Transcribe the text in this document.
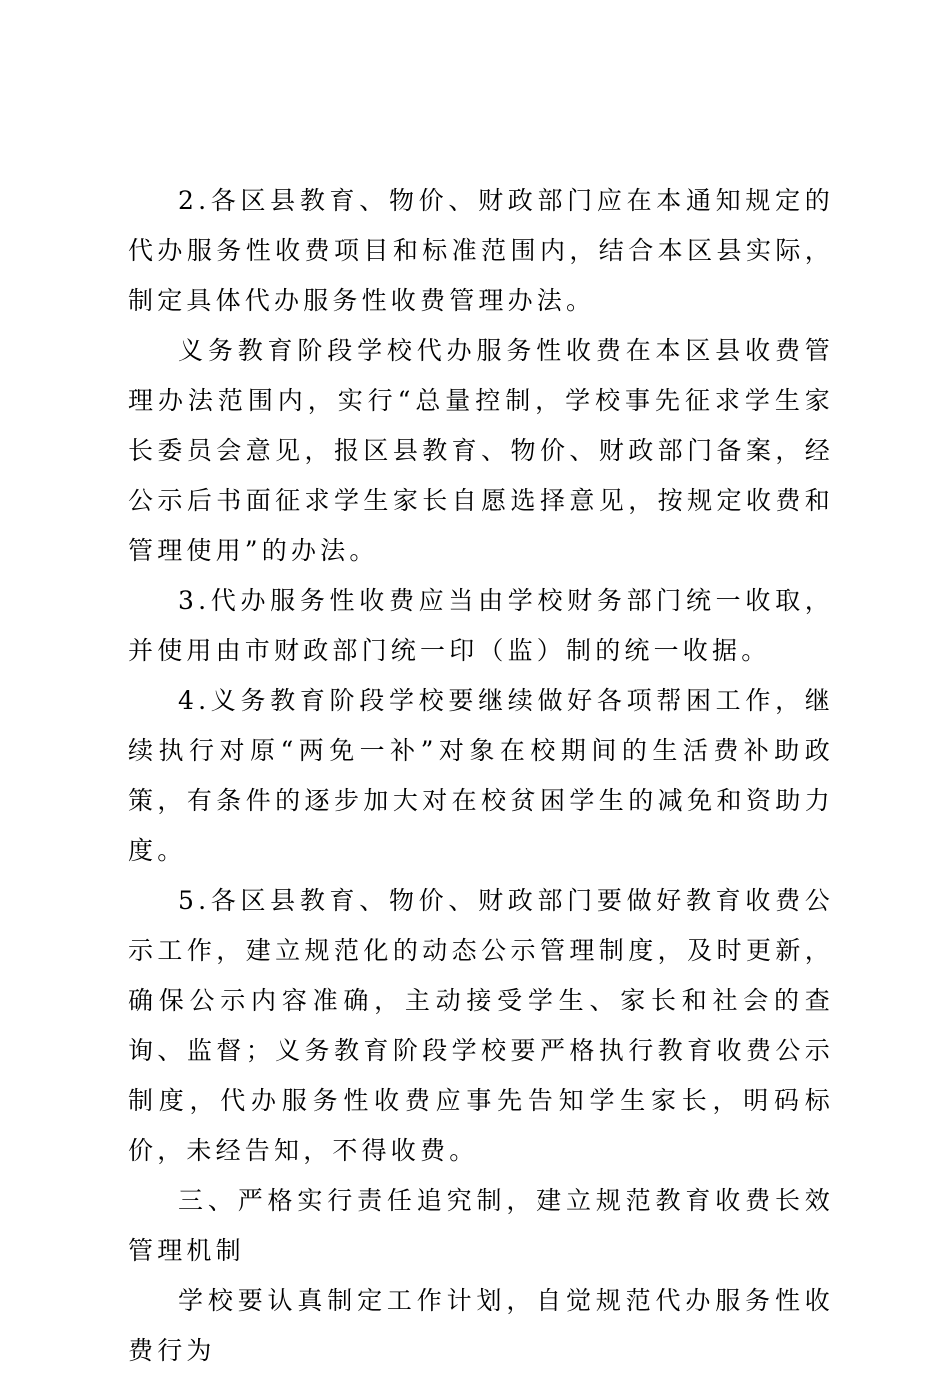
2.各区县教育、物价、财政部门应在本通知规定的代办服务性收费项目和标准范围内，结合本区县实际，制定具体代办服务性收费管理办法。

义务教育阶段学校代办服务性收费在本区县收费管理办法范围内，实行“总量控制，学校事先征求学生家长委员会意见，报区县教育、物价、财政部门备案，经公示后书面征求学生家长自愿选择意见，按规定收费和管理使用”的办法。

3.代办服务性收费应当由学校财务部门统一收取，并使用由市财政部门统一印（监）制的统一收据。

4.义务教育阶段学校要继续做好各项帮困工作，继续执行对原“两免一补”对象在校期间的生活费补助政策，有条件的逐步加大对在校贫困学生的减免和资助力度。

5.各区县教育、物价、财政部门要做好教育收费公示工作，建立规范化的动态公示管理制度，及时更新，确保公示内容准确，主动接受学生、家长和社会的查询、监督；义务教育阶段学校要严格执行教育收费公示制度，代办服务性收费应事先告知学生家长，明码标价，未经告知，不得收费。

三、严格实行责任追究制，建立规范教育收费长效管理机制

学校要认真制定工作计划，自觉规范代办服务性收费行为
